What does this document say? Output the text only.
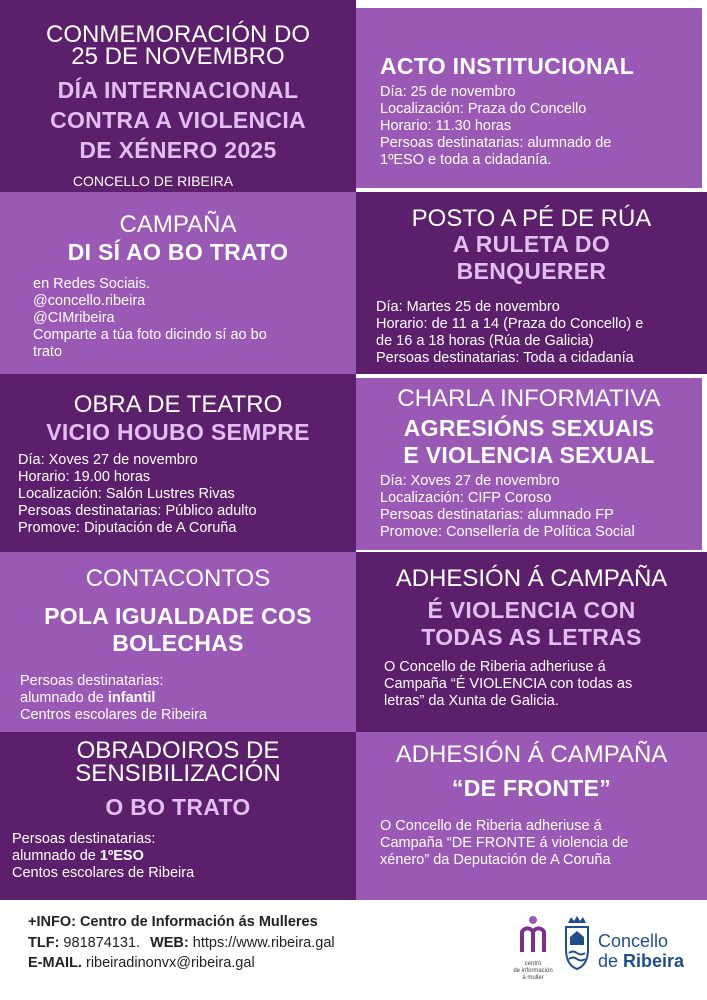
CONMEMORACIÓN DO
25 DE NOVEMBRO
DÍA INTERNACIONAL
CONTRA A VIOLENCIA
DE XÉNERO 2025
CONCELLO DE RIBEIRA
ACTO INSTITUCIONAL
Día: 25 de novembro
Localización: Praza do Concello
Horario: 11.30 horas
Persoas destinatarias: alumnado de
1ºESO e toda a cidadanía.
CAMPAÑA
DI SÍ AO BO TRATO
en Redes Sociais.
@concello.ribeira
@CIMribeira
Comparte a túa foto dicindo sí ao bo
trato
POSTO A PÉ DE RÚA
A RULETA DO
BENQUERER
Día: Martes 25 de novembro
Horario: de 11 a 14 (Praza do Concello) e
de 16 a 18 horas (Rúa de Galicia)
Persoas destinatarias: Toda a cidadanía
OBRA DE TEATRO
VICIO HOUBO SEMPRE
Día: Xoves 27 de novembro
Horario: 19.00 horas
Localización: Salón Lustres Rivas
Persoas destinatarias: Público adulto
Promove: Diputación de A Coruña
CHARLA INFORMATIVA
AGRESIÓNS SEXUAIS
E VIOLENCIA SEXUAL
Día: Xoves 27 de novembro
Localización: CIFP Coroso
Persoas destinatarias: alumnado FP
Promove: Consellería de Política Social
CONTACONTOS
POLA IGUALDADE COS
BOLECHAS
Persoas destinatarias:
alumnado de infantil
Centros escolares de Ribeira
ADHESIÓN Á CAMPAÑA
É VIOLENCIA CON
TODAS AS LETRAS
O Concello de Riberia adheriuse á
Campaña “É VIOLENCIA con todas as
letras” da Xunta de Galicia.
OBRADOIROS DE
SENSIBILIZACIÓN
O BO TRATO
Persoas destinatarias:
alumnado de 1ºESO
Centos escolares de Ribeira
ADHESIÓN Á CAMPAÑA
“DE FRONTE”
O Concello de Riberia adheriuse á
Campaña “DE FRONTE á violencia de
xénero” da Deputación de A Coruña
+INFO: Centro de Información ás Mulleres
TLF: 981874131. WEB: https://www.ribeira.gal
E-MAIL. ribeiradinonvx@ribeira.gal	centro
de información
á muller
Concello
de Ribeira
